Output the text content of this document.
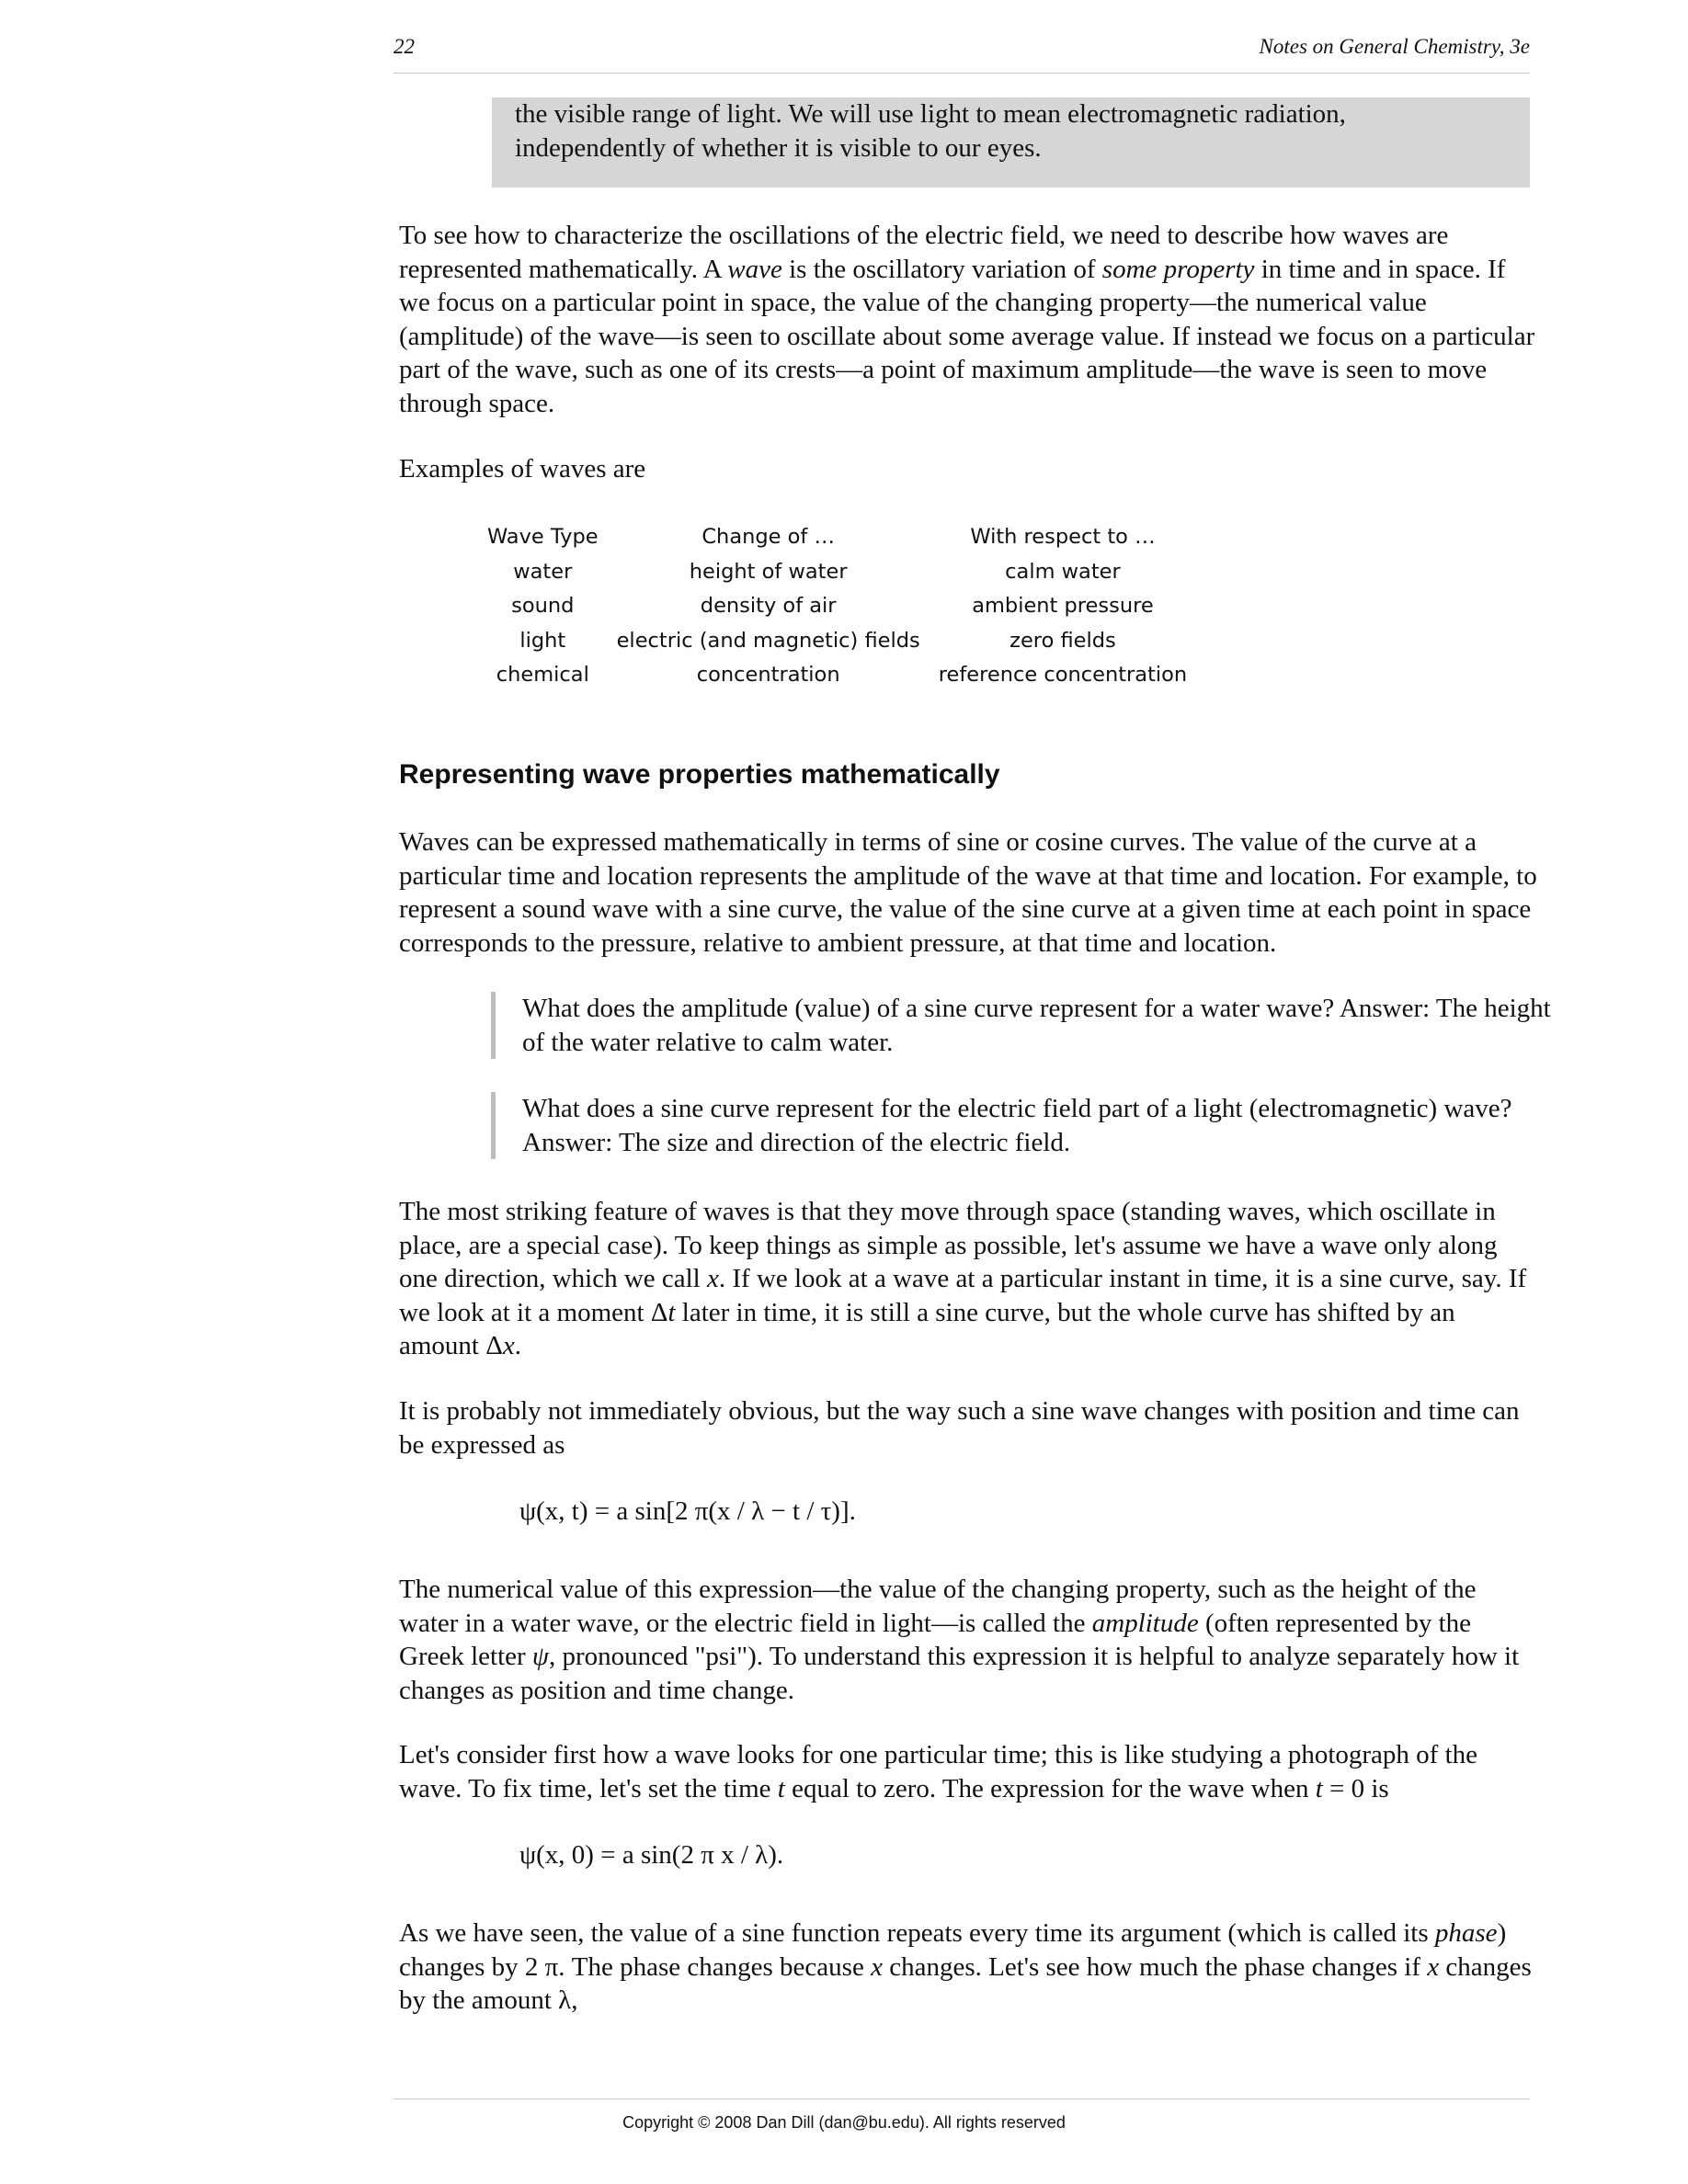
22	Notes on General Chemistry, 3e

the visible range of light. We will use light to mean electromagnetic radiation,

independently of whether it is visible to our eyes.

To see how to characterize the oscillations of the electric field, we need to describe how waves are represented mathematically. A wave is the oscillatory variation of some property in time and in space. If we focus on a particular point in space, the value of the changing property—the numerical value (amplitude) of the wave—is seen to oscillate about some average value. If instead we focus on a particular part of the wave, such as one of its crests—a point of maximum amplitude—the wave is seen to move through space.

Examples of waves are

Wave Type	Change of …	With respect to …
water	height of water	calm water
sound	density of air	ambient pressure
light	electric (and magnetic) fields	zero fields
chemical	concentration	reference concentration
Representing wave properties mathematically

Waves can be expressed mathematically in terms of sine or cosine curves. The value of the curve at a particular time and location represents the amplitude of the wave at that time and location. For example, to represent a sound wave with a sine curve, the value of the sine curve at a given time at each point in space corresponds to the pressure, relative to ambient pressure, at that time and location.

What does the amplitude (value) of a sine curve represent for a water wave? Answer: The height of the water relative to calm water.

What does a sine curve represent for the electric field part of a light (electromagnetic) wave? Answer: The size and direction of the electric field.

The most striking feature of waves is that they move through space (standing waves, which oscillate in place, are a special case). To keep things as simple as possible, let's assume we have a wave only along one direction, which we call x. If we look at a wave at a particular instant in time, it is a sine curve, say. If we look at it a moment Δt later in time, it is still a sine curve, but the whole curve has shifted by an amount Δx.

It is probably not immediately obvious, but the way such a sine wave changes with position and time can be expressed as

ψ(x, t) = a sin[2 π(x / λ − t / τ)].

The numerical value of this expression—the value of the changing property, such as the height of the water in a water wave, or the electric field in light—is called the amplitude (often represented by the Greek letter ψ, pronounced "psi"). To understand this expression it is helpful to analyze separately how it changes as position and time change.

Let's consider first how a wave looks for one particular time; this is like studying a photograph of the wave. To fix time, let's set the time t equal to zero. The expression for the wave when t = 0 is

ψ(x, 0) = a sin(2 π x / λ).

As we have seen, the value of a sine function repeats every time its argument (which is called its phase) changes by 2 π. The phase changes because x changes. Let's see how much the phase changes if x changes by the amount λ,

Copyright © 2008 Dan Dill (dan@bu.edu). All rights reserved
